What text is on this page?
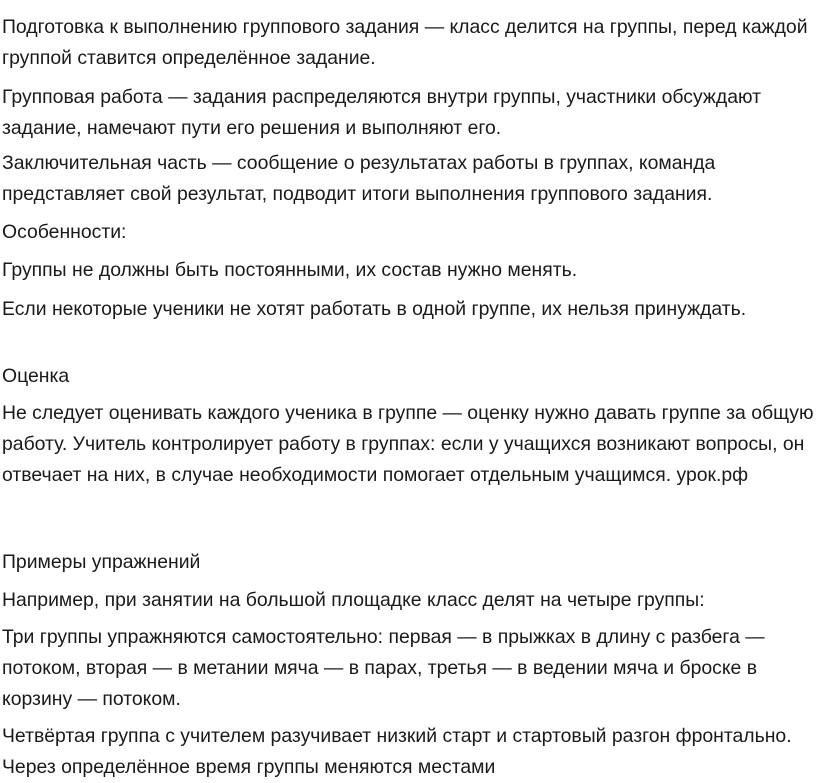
Подготовка к выполнению группового задания — класс делится на группы, перед каждой группой ставится определённое задание.

Групповая работа — задания распределяются внутри группы, участники обсуждают задание, намечают пути его решения и выполняют его.

Заключительная часть — сообщение о результатах работы в группах, команда представляет свой результат, подводит итоги выполнения группового задания.

Особенности:

Группы не должны быть постоянными, их состав нужно менять.

Если некоторые ученики не хотят работать в одной группе, их нельзя принуждать.

Оценка

Не следует оценивать каждого ученика в группе — оценку нужно давать группе за общую работу. Учитель контролирует работу в группах: если у учащихся возникают вопросы, он отвечает на них, в случае необходимости помогает отдельным учащимся. урок.рф

Примеры упражнений

Например, при занятии на большой площадке класс делят на четыре группы:

Три группы упражняются самостоятельно: первая — в прыжках в длину с разбега — потоком, вторая — в метании мяча — в парах, третья — в ведении мяча и броске в корзину — потоком.

Четвёртая группа с учителем разучивает низкий старт и стартовый разгон фронтально. Через определённое время группы меняются местами
